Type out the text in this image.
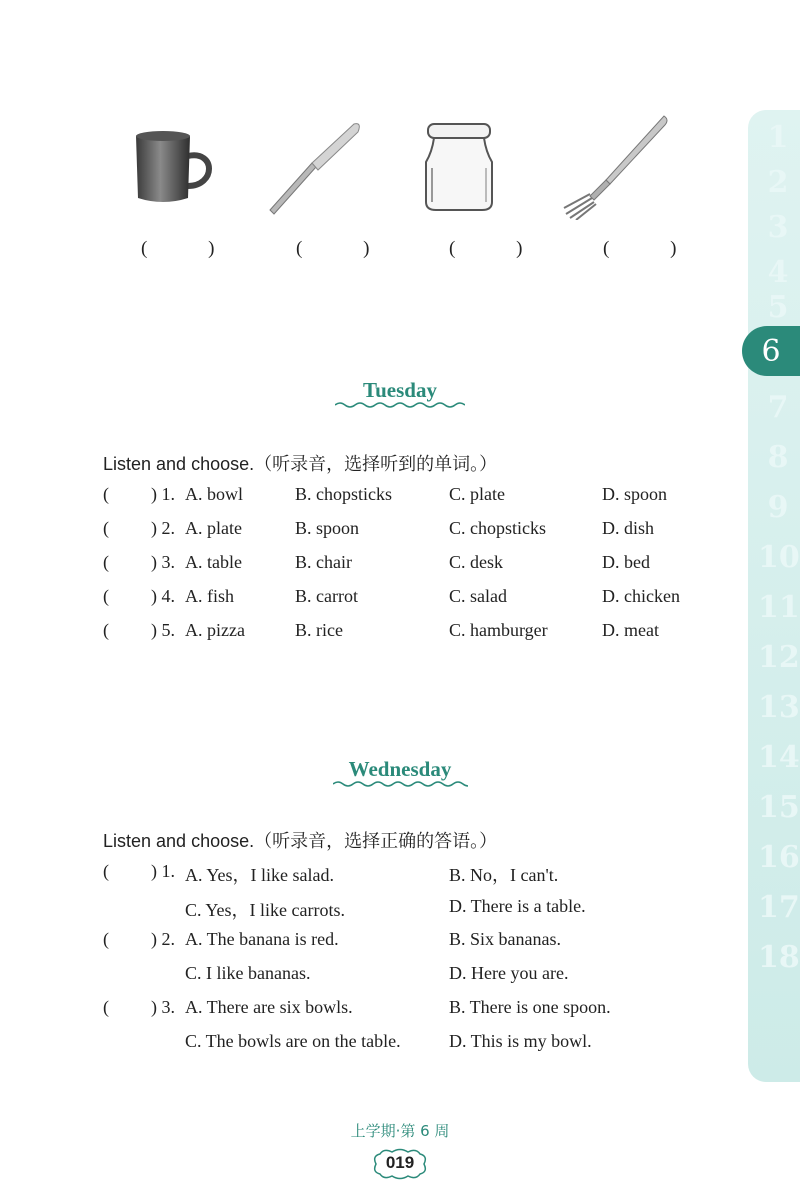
1
2
3
4
5
7
8
9
10
11
12
13
14
15
16
17
18
6
( )	( )	( )	( )
Tuesday
Listen and choose.（听录音，选择听到的单词。）
( ) 1. A. bowl	B. chopsticks	C. plate	D. spoon
( ) 2. A. plate	B. spoon	C. chopsticks	D. dish
( ) 3. A. table	B. chair	C. desk	D. bed
( ) 4. A. fish	B. carrot	C. salad	D. chicken
( ) 5. A. pizza	B. rice	C. hamburger	D. meat
Wednesday
Listen and choose.（听录音，选择正确的答语。）
( ) 1. A. Yes，I like salad.	B. No，I can't.
C. Yes，I like carrots.	D. There is a table.
( ) 2. A. The banana is red.	B. Six bananas.
C. I like bananas.	D. Here you are.
( ) 3. A. There are six bowls.	B. There is one spoon.
C. The bowls are on the table.	D. This is my bowl.
上学期·第 6 周
019
